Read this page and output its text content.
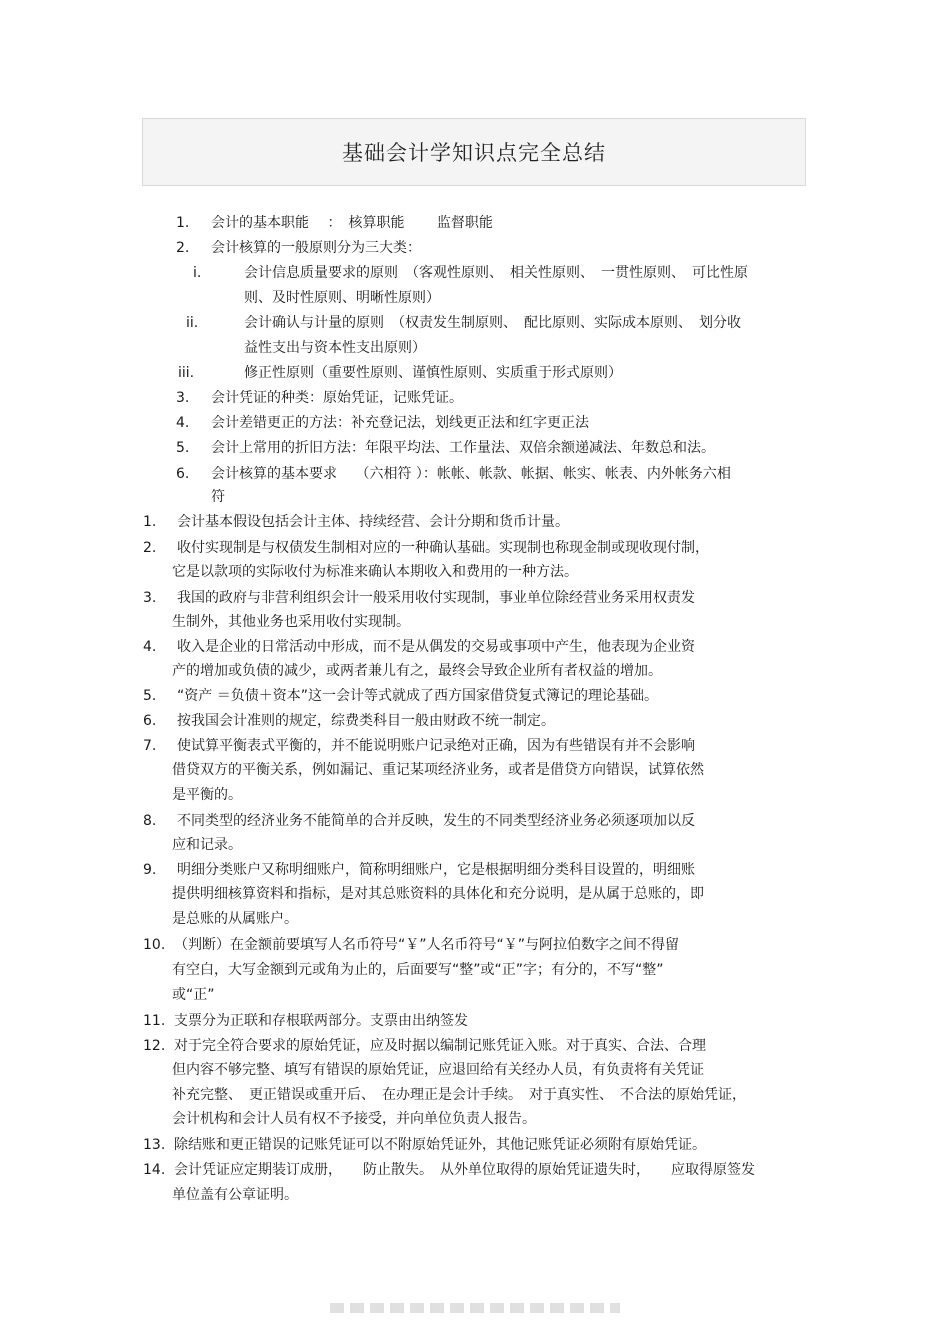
基础会计学知识点完全总结
1. 会计的基本职能　 ：　核算职能　　 监督职能
2. 会计核算的一般原则分为三大类：
i.	会计信息质量要求的原则　（客观性原则、　相关性原则、　一贯性原则、　可比性原
则、及时性原则、明晰性原则）
ii.	会计确认与计量的原则　（权责发生制原则、　配比原则、实际成本原则、　划分收
益性支出与资本性支出原则）
iii.	修正性原则（重要性原则、谨慎性原则、实质重于形式原则）
3. 会计凭证的种类：原始凭证，记账凭证。
4. 会计差错更正的方法：补充登记法，划线更正法和红字更正法
5. 会计上常用的折旧方法：年限平均法、工作量法、双倍余额递减法、年数总和法。
6. 会计核算的基本要求　 （六相符 ）：帐帐、帐款、帐据、帐实、帐表、内外帐务六相
符
1. 会计基本假设包括会计主体、持续经营、会计分期和货币计量。
2. 收付实现制是与权债发生制相对应的一种确认基础。实现制也称现金制或现收现付制，
它是以款项的实际收付为标准来确认本期收入和费用的一种方法。
3. 我国的政府与非营利组织会计一般采用收付实现制，事业单位除经营业务采用权责发
生制外，其他业务也采用收付实现制。
4. 收入是企业的日常活动中形成，而不是从偶发的交易或事项中产生，他表现为企业资
产的增加或负债的减少，或两者兼儿有之，最终会导致企业所有者权益的增加。
5. “资产 ＝负债＋资本”这一会计等式就成了西方国家借贷复式簿记的理论基础。
6. 按我国会计准则的规定，综费类科目一般由财政不统一制定。
7. 使试算平衡表式平衡的，并不能说明账户记录绝对正确，因为有些错误有并不会影响
借贷双方的平衡关系，例如漏记、重记某项经济业务，或者是借贷方向错误，试算依然
是平衡的。
8. 不同类型的经济业务不能简单的合并反映，发生的不同类型经济业务必须逐项加以反
应和记录。
9. 明细分类账户又称明细账户，简称明细账户，它是根据明细分类科目设置的，明细账
提供明细核算资料和指标，是对其总账资料的具体化和充分说明，是从属于总账的，即
是总账的从属账户。
10. （判断）在金额前要填写人名币符号“￥”人名币符号“￥”与阿拉伯数字之间不得留
有空白，大写金额到元或角为止的，后面要写“整”或“正”字；有分的，不写“整”
或“正”
11. 支票分为正联和存根联两部分。支票由出纳签发
12. 对于完全符合要求的原始凭证，应及时据以编制记账凭证入账。对于真实、合法、合理
但内容不够完整、填写有错误的原始凭证，应退回给有关经办人员，有负责将有关凭证
补充完整、　更正错误或重开后、　在办理正是会计手续。　对于真实性、　不合法的原始凭证，
会计机构和会计人员有权不予接受，并向单位负责人报告。
13. 除结账和更正错误的记账凭证可以不附原始凭证外，其他记账凭证必须附有原始凭证。
14. 会计凭证应定期装订成册，　　防止散失。　从外单位取得的原始凭证遗失时，　　应取得原签发
单位盖有公章证明。
